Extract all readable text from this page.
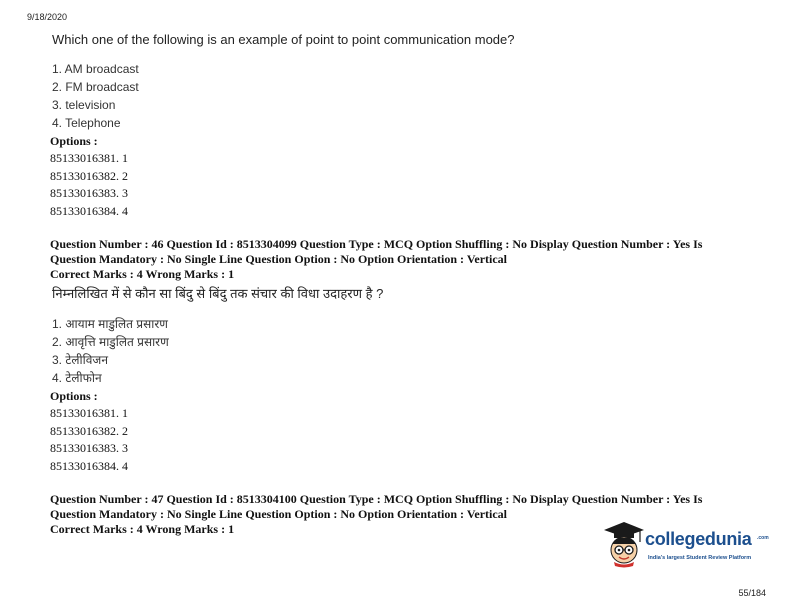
9/18/2020
Which one of the following is an example of point to point communication mode?
1. AM broadcast
2. FM broadcast
3. television
4. Telephone
Options :
85133016381. 1
85133016382. 2
85133016383. 3
85133016384. 4
Question Number : 46 Question Id : 8513304099 Question Type : MCQ Option Shuffling : No Display Question Number : Yes Is
Question Mandatory : No Single Line Question Option : No Option Orientation : Vertical
Correct Marks : 4 Wrong Marks : 1
निम्नलिखित में से कौन सा बिंदु से बिंदु तक संचार की विधा उदाहरण है ?
1. आयाम माडुलित प्रसारण
2. आवृत्ति माडुलित प्रसारण
3. टेलीविजन
4. टेलीफोन
Options :
85133016381. 1
85133016382. 2
85133016383. 3
85133016384. 4
Question Number : 47 Question Id : 8513304100 Question Type : MCQ Option Shuffling : No Display Question Number : Yes Is
Question Mandatory : No Single Line Question Option : No Option Orientation : Vertical
Correct Marks : 4 Wrong Marks : 1	collegedunia .com
India's largest Student Review Platform
55/184
